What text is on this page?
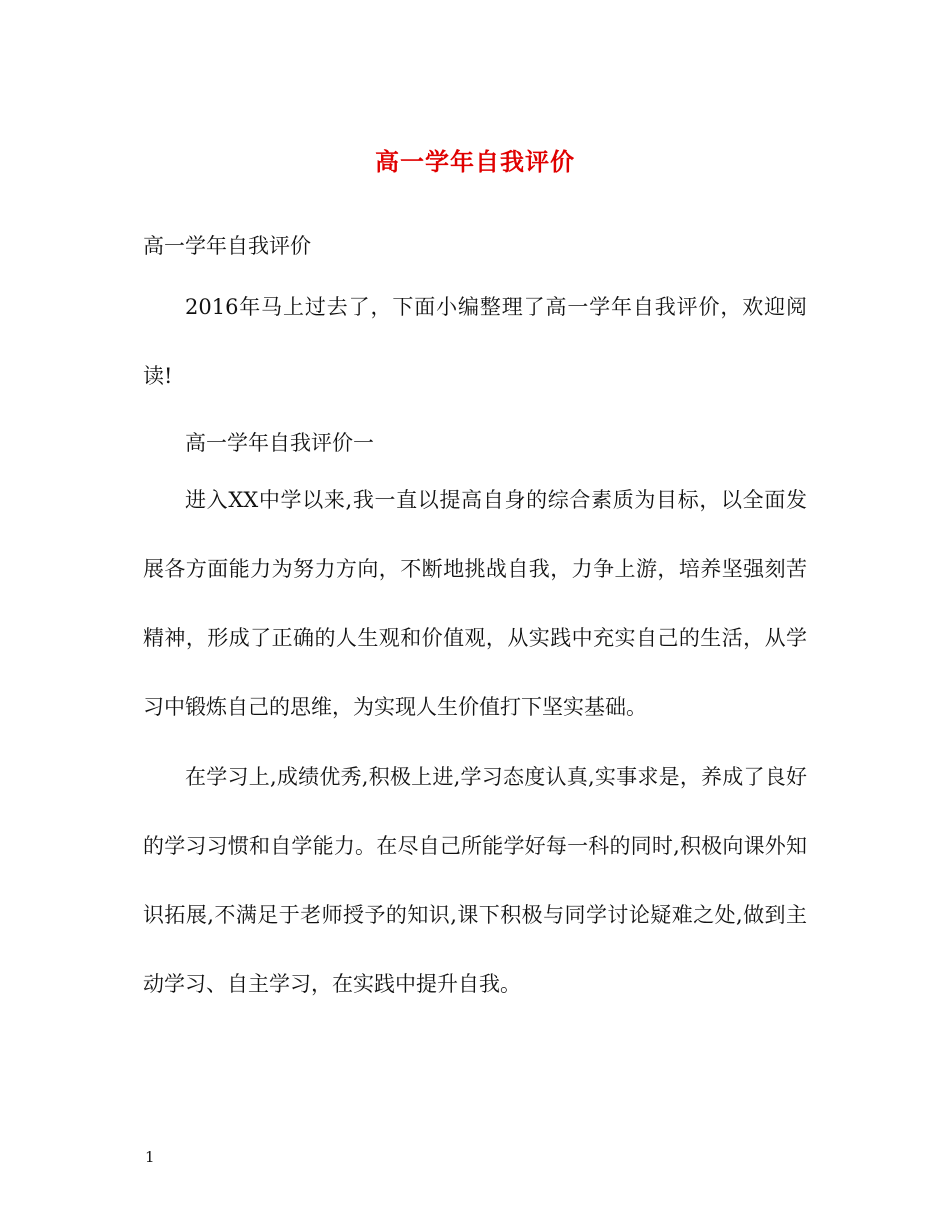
高一学年自我评价

高一学年自我评价

2016年马上过去了，下面小编整理了高一学年自我评价，欢迎阅读!

高一学年自我评价一

进入XX中学以来,我一直以提高自身的综合素质为目标，以全面发展各方面能力为努力方向，不断地挑战自我，力争上游，培养坚强刻苦精神，形成了正确的人生观和价值观，从实践中充实自己的生活，从学习中锻炼自己的思维，为实现人生价值打下坚实基础。

在学习上,成绩优秀,积极上进,学习态度认真,实事求是，养成了良好的学习习惯和自学能力。在尽自己所能学好每一科的同时,积极向课外知识拓展,不满足于老师授予的知识,课下积极与同学讨论疑难之处,做到主动学习、自主学习，在实践中提升自我。

1
